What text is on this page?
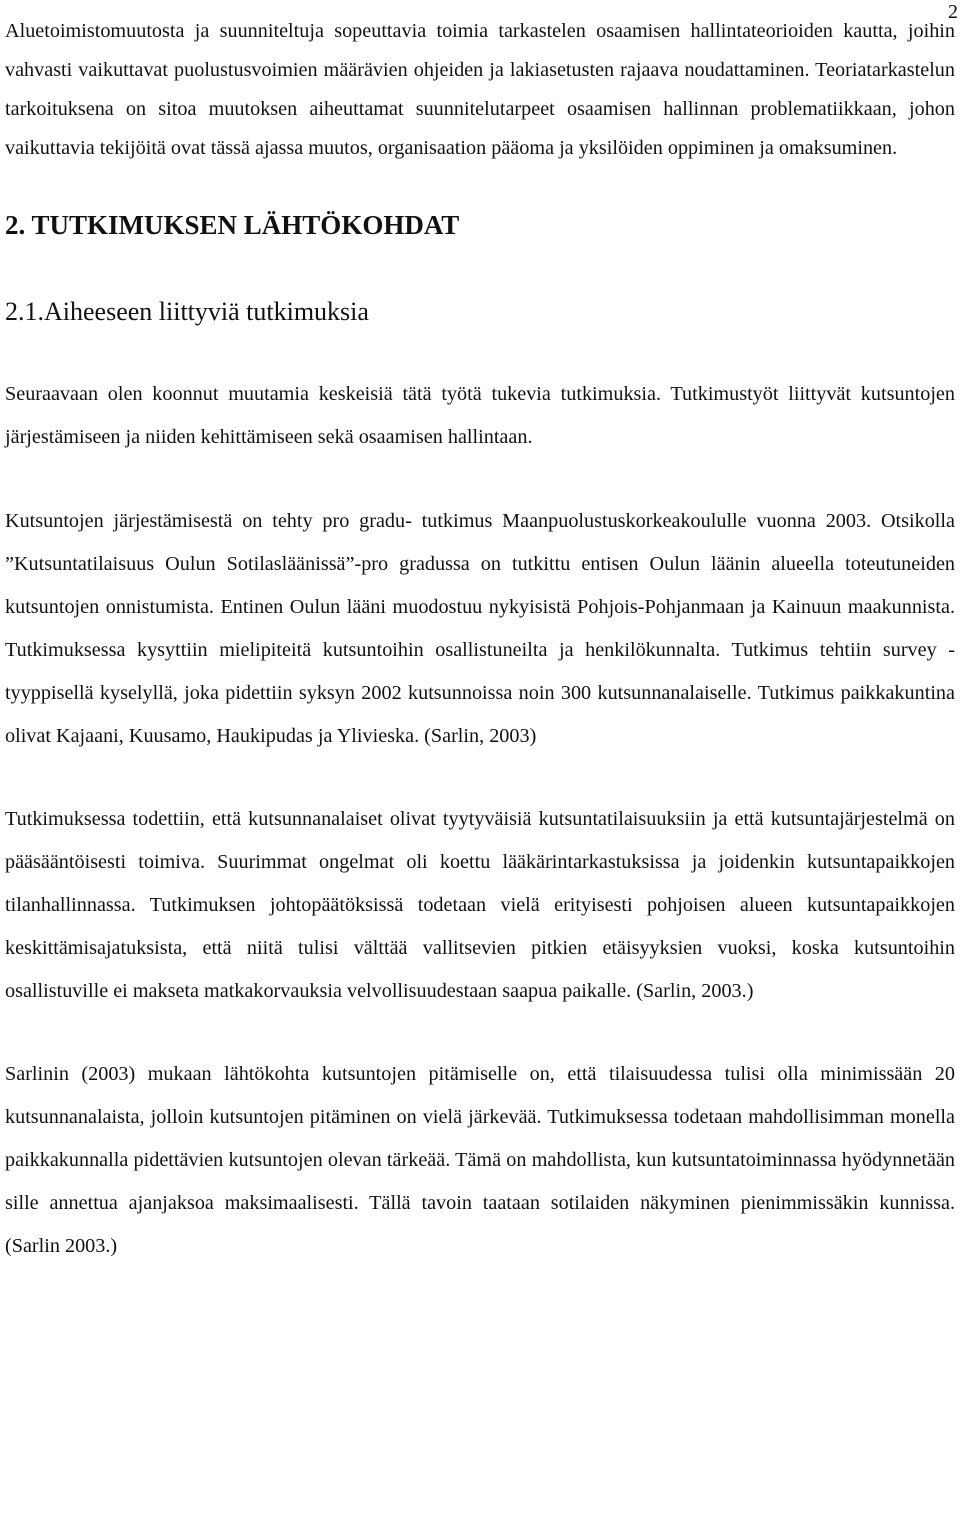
2

Aluetoimistomuutosta ja suunniteltuja sopeuttavia toimia tarkastelen osaamisen hallintateorioiden kautta, joihin vahvasti vaikuttavat puolustusvoimien määrävien ohjeiden ja lakiasetusten rajaava noudattaminen. Teoriatarkastelun tarkoituksena on sitoa muutoksen aiheuttamat suunnitelutarpeet osaamisen hallinnan problematiikkaan, johon vaikuttavia tekijöitä ovat tässä ajassa muutos, organisaation pääoma ja yksilöiden oppiminen ja omaksuminen.

2. TUTKIMUKSEN LÄHTÖKOHDAT
2.1.Aiheeseen liittyviä tutkimuksia

Seuraavaan olen koonnut muutamia keskeisiä tätä työtä tukevia tutkimuksia. Tutkimustyöt liittyvät kutsuntojen järjestämiseen ja niiden kehittämiseen sekä osaamisen hallintaan.

Kutsuntojen järjestämisestä on tehty pro gradu- tutkimus Maanpuolustuskorkeakoululle vuonna 2003. Otsikolla ”Kutsuntatilaisuus Oulun Sotilasläänissä”-pro gradussa on tutkittu entisen Oulun läänin alueella toteutuneiden kutsuntojen onnistumista. Entinen Oulun lääni muodostuu nykyisistä Pohjois-Pohjanmaan ja Kainuun maakunnista. Tutkimuksessa kysyttiin mielipiteitä kutsuntoihin osallistuneilta ja henkilökunnalta. Tutkimus tehtiin survey - tyyppisellä kyselyllä, joka pidettiin syksyn 2002 kutsunnoissa noin 300 kutsunnanalaiselle. Tutkimus paikkakuntina olivat Kajaani, Kuusamo, Haukipudas ja Ylivieska. (Sarlin, 2003)

Tutkimuksessa todettiin, että kutsunnanalaiset olivat tyytyväisiä kutsuntatilaisuuksiin ja että kutsuntajärjestelmä on pääsääntöisesti toimiva. Suurimmat ongelmat oli koettu lääkärintarkastuksissa ja joidenkin kutsuntapaikkojen tilanhallinnassa. Tutkimuksen johtopäätöksissä todetaan vielä erityisesti pohjoisen alueen kutsuntapaikkojen keskittämisajatuksista, että niitä tulisi välttää vallitsevien pitkien etäisyyksien vuoksi, koska kutsuntoihin osallistuville ei makseta matkakorvauksia velvollisuudestaan saapua paikalle. (Sarlin, 2003.)

Sarlinin (2003) mukaan lähtökohta kutsuntojen pitämiselle on, että tilaisuudessa tulisi olla minimissään 20 kutsunnanalaista, jolloin kutsuntojen pitäminen on vielä järkevää. Tutkimuksessa todetaan mahdollisimman monella paikkakunnalla pidettävien kutsuntojen olevan tärkeää. Tämä on mahdollista, kun kutsuntatoiminnassa hyödynnetään sille annettua ajanjaksoa maksimaalisesti. Tällä tavoin taataan sotilaiden näkyminen pienimmissäkin kunnissa. (Sarlin 2003.)
